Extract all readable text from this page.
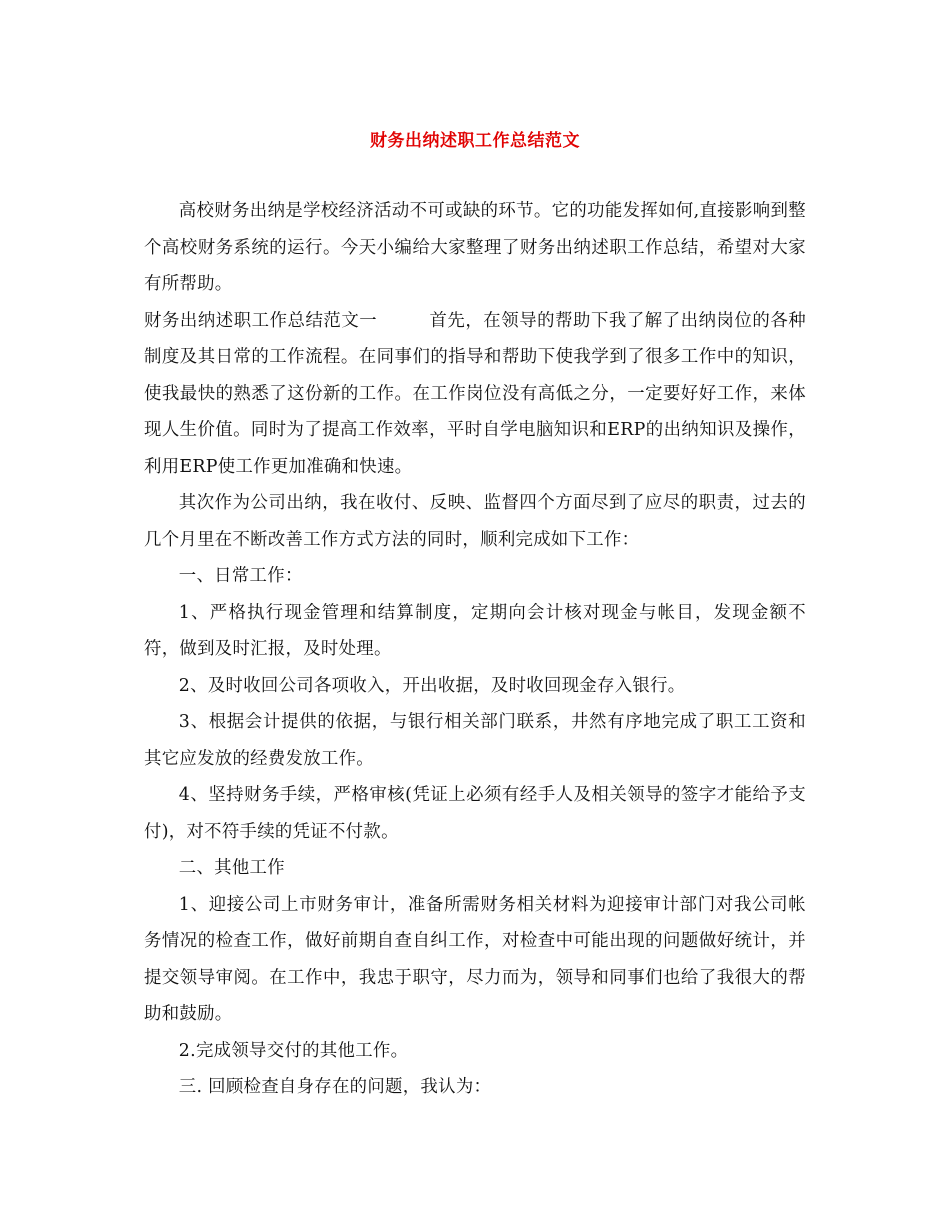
财务出纳述职工作总结范文

高校财务出纳是学校经济活动不可或缺的环节。它的功能发挥如何,直接影响到整个高校财务系统的运行。今天小编给大家整理了财务出纳述职工作总结，希望对大家有所帮助。

财务出纳述职工作总结范文一	首先，在领导的帮助下我了解了出纳岗位的各种制度及其日常的工作流程。在同事们的指导和帮助下使我学到了很多工作中的知识，使我最快的熟悉了这份新的工作。在工作岗位没有高低之分，一定要好好工作，来体现人生价值。同时为了提高工作效率，平时自学电脑知识和ERP的出纳知识及操作，利用ERP使工作更加准确和快速。

其次作为公司出纳，我在收付、反映、监督四个方面尽到了应尽的职责，过去的几个月里在不断改善工作方式方法的同时，顺利完成如下工作：

一、日常工作：

1、严格执行现金管理和结算制度，定期向会计核对现金与帐目，发现金额不符，做到及时汇报，及时处理。

2、及时收回公司各项收入，开出收据，及时收回现金存入银行。

3、根据会计提供的依据，与银行相关部门联系，井然有序地完成了职工工资和其它应发放的经费发放工作。

4、坚持财务手续，严格审核(凭证上必须有经手人及相关领导的签字才能给予支付)，对不符手续的凭证不付款。

二、其他工作

1、迎接公司上市财务审计，准备所需财务相关材料为迎接审计部门对我公司帐务情况的检查工作，做好前期自查自纠工作，对检查中可能出现的问题做好统计，并提交领导审阅。在工作中，我忠于职守，尽力而为，领导和同事们也给了我很大的帮助和鼓励。

2.完成领导交付的其他工作。

三. 回顾检查自身存在的问题，我认为：
